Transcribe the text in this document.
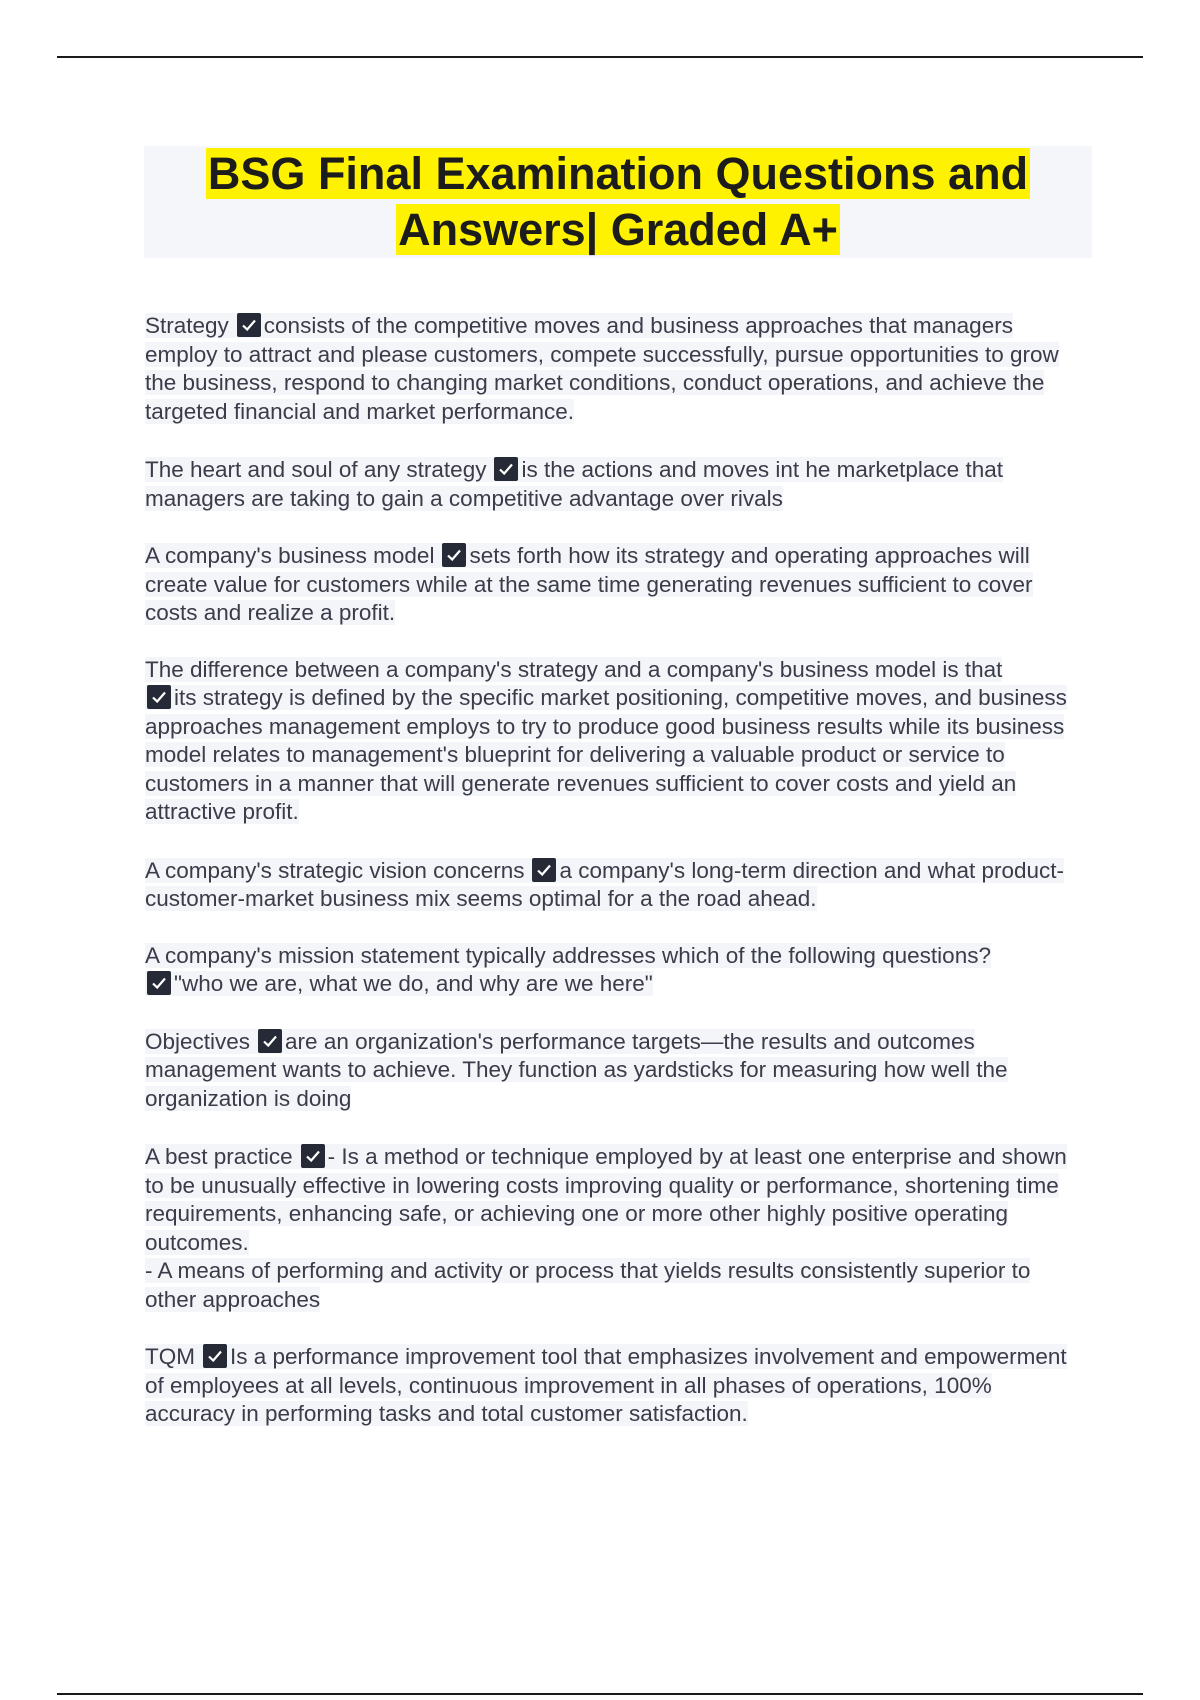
BSG Final Examination Questions and
Answers| Graded A+

Strategy consists of the competitive moves and business approaches that managers employ to attract and please customers, compete successfully, pursue opportunities to grow the business, respond to changing market conditions, conduct operations, and achieve the targeted financial and market performance.

The heart and soul of any strategy is the actions and moves int he marketplace that managers are taking to gain a competitive advantage over rivals

A company's business model sets forth how its strategy and operating approaches will create value for customers while at the same time generating revenues sufficient to cover costs and realize a profit.

The difference between a company's strategy and a company's business model is that

its strategy is defined by the specific market positioning, competitive moves, and business approaches management employs to try to produce good business results while its business model relates to management's blueprint for delivering a valuable product or service to customers in a manner that will generate revenues sufficient to cover costs and yield an attractive profit.

A company's strategic vision concerns a company's long-term direction and what product-customer-market business mix seems optimal for a the road ahead.

A company's mission statement typically addresses which of the following questions?

"who we are, what we do, and why are we here"

Objectives are an organization's performance targets—the results and outcomes management wants to achieve. They function as yardsticks for measuring how well the organization is doing

A best practice - Is a method or technique employed by at least one enterprise and shown to be unusually effective in lowering costs improving quality or performance, shortening time requirements, enhancing safe, or achieving one or more other highly positive operating outcomes.
- A means of performing and activity or process that yields results consistently superior to other approaches

TQM Is a performance improvement tool that emphasizes involvement and empowerment of employees at all levels, continuous improvement in all phases of operations, 100% accuracy in performing tasks and total customer satisfaction.
